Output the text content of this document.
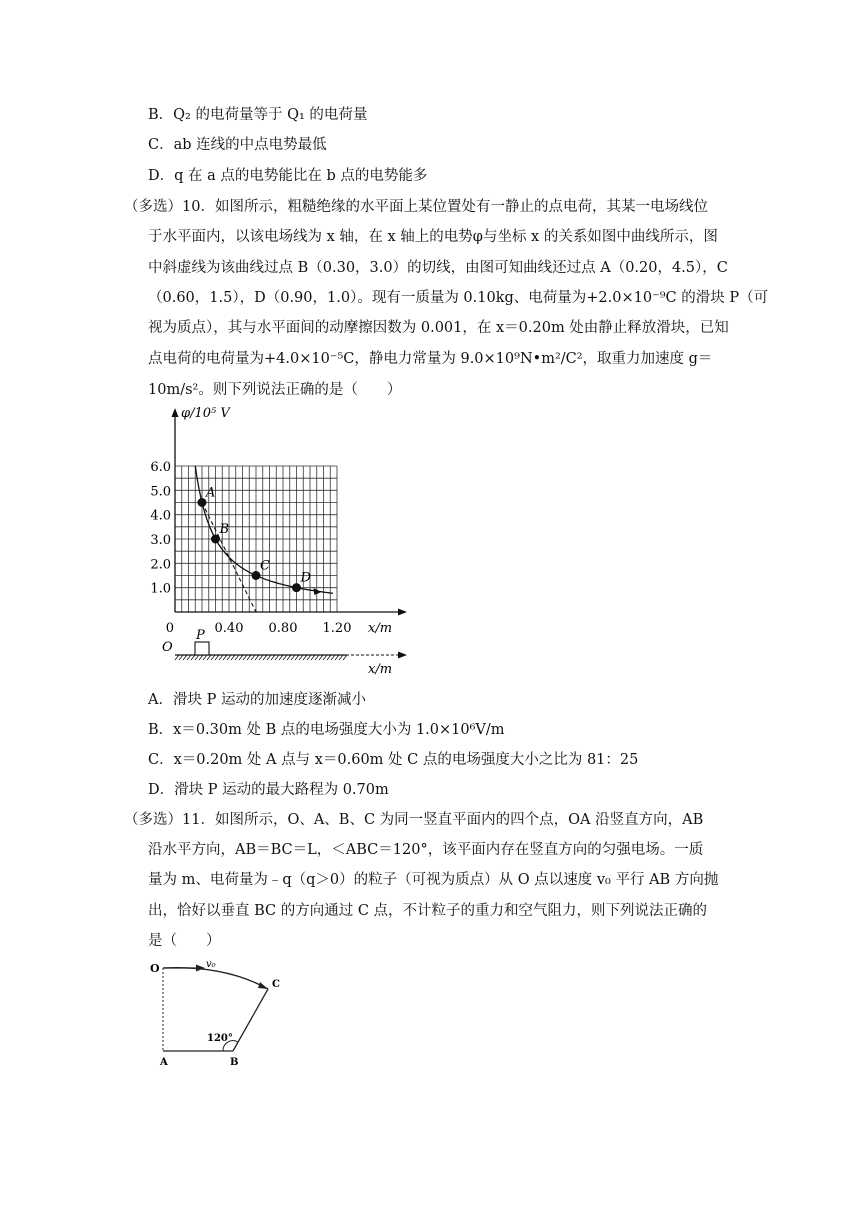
B．Q₂ 的电荷量等于 Q₁ 的电荷量
C．ab 连线的中点电势最低
D．q 在 a 点的电势能比在 b 点的电势能多
（多选）10．如图所示，粗糙绝缘的水平面上某位置处有一静止的点电荷，其某一电场线位
于水平面内，以该电场线为 x 轴，在 x 轴上的电势φ与坐标 x 的关系如图中曲线所示，图
中斜虚线为该曲线过点 B（0.30，3.0）的切线，由图可知曲线还过点 A（0.20，4.5），C
（0.60，1.5），D（0.90，1.0）。现有一质量为 0.10kg、电荷量为+2.0×10⁻⁹C 的滑块 P（可
视为质点），其与水平面间的动摩擦因数为 0.001，在 x＝0.20m 处由静止释放滑块，已知
点电荷的电荷量为+4.0×10⁻⁵C，静电力常量为 9.0×10⁹N•m²/C²，取重力加速度 g＝
10m/s²。则下列说法正确的是（　　）
φ/10⁵ V
x/m
1.0
2.0
3.0
4.0
5.0
6.0
0	0.40 0.80 1.20
A
B
C
D
O
P
x/m
A．滑块 P 运动的加速度逐渐减小
B．x＝0.30m 处 B 点的电场强度大小为 1.0×10⁶V/m
C．x＝0.20m 处 A 点与 x＝0.60m 处 C 点的电场强度大小之比为 81：25
D．滑块 P 运动的最大路程为 0.70m
（多选）11．如图所示，O、A、B、C 为同一竖直平面内的四个点，OA 沿竖直方向，AB
沿水平方向，AB＝BC＝L，＜ABC＝120°，该平面内存在竖直方向的匀强电场。一质
量为 m、电荷量为﹣q（q＞0）的粒子（可视为质点）从 O 点以速度 v₀ 平行 AB 方向抛
出，恰好以垂直 BC 的方向通过 C 点，不计粒子的重力和空气阻力，则下列说法正确的
是（　　）
O	v₀
C
120°
A	B
